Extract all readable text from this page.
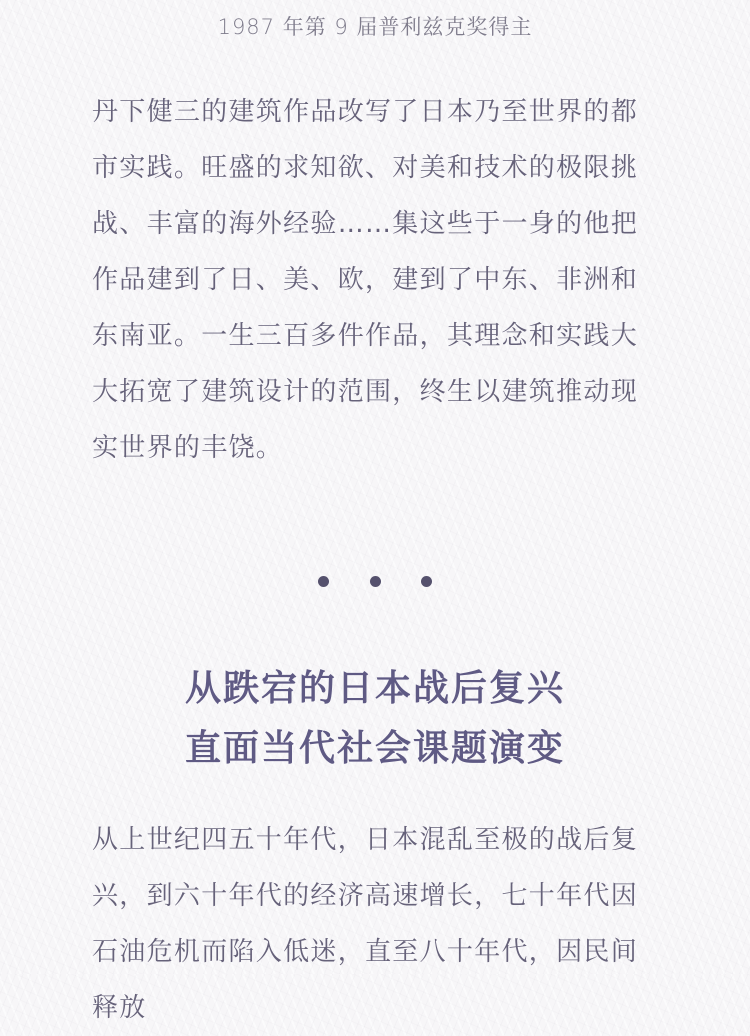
1987 年第 9 届普利兹克奖得主

丹下健三的建筑作品改写了日本乃至世界的都市实践。旺盛的求知欲、对美和技术的极限挑战、丰富的海外经验……集这些于一身的他把作品建到了日、美、欧，建到了中东、非洲和东南亚。一生三百多件作品，其理念和实践大大拓宽了建筑设计的范围，终生以建筑推动现实世界的丰饶。

从跌宕的日本战后复兴
直面当代社会课题演变

从上世纪四五十年代，日本混乱至极的战后复兴，到六十年代的经济高速增长，七十年代因石油危机而陷入低迷，直至八十年代，因民间释放
